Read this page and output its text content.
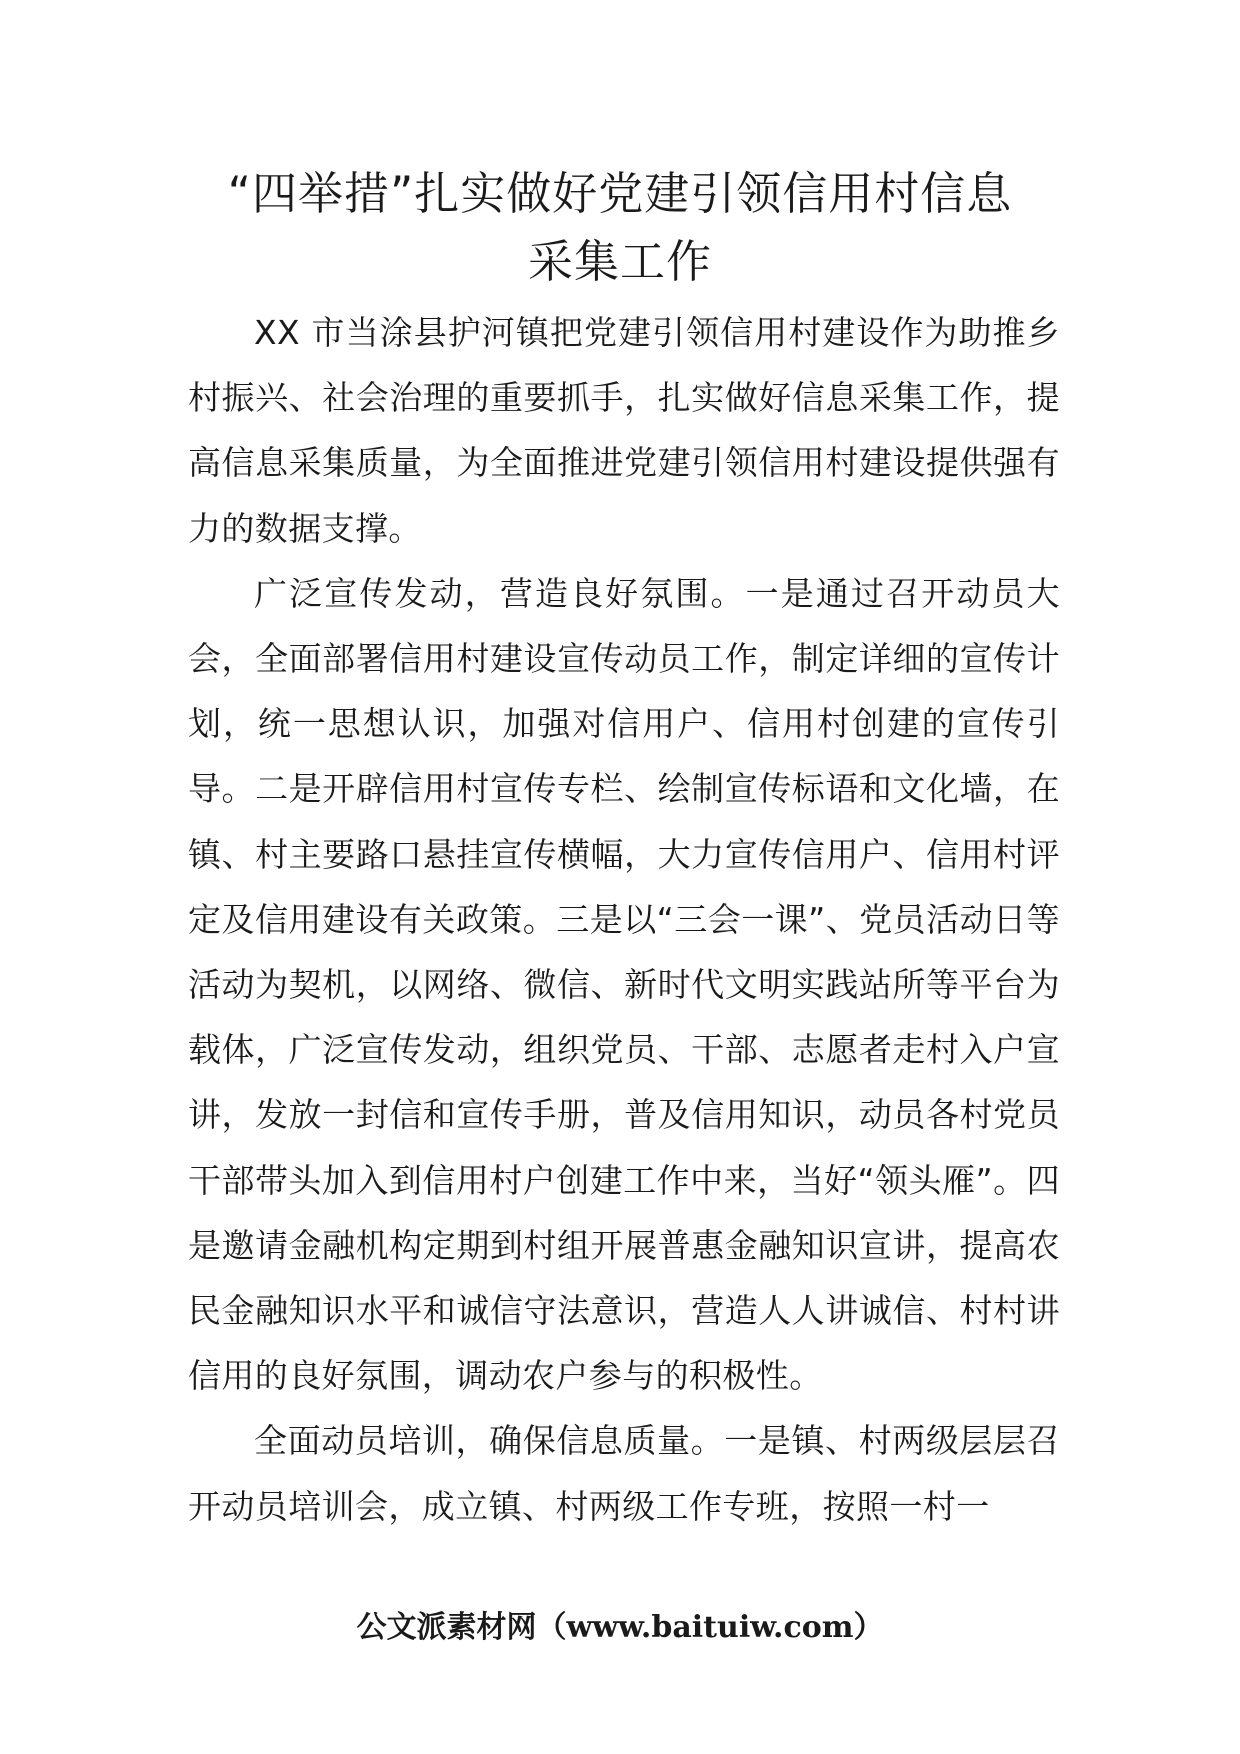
“四举措”扎实做好党建引领信用村信息
采集工作

XX 市当涂县护河镇把党建引领信用村建设作为助推乡村振兴、社会治理的重要抓手，扎实做好信息采集工作，提高信息采集质量，为全面推进党建引领信用村建设提供强有力的数据支撑。

广泛宣传发动，营造良好氛围。一是通过召开动员大会，全面部署信用村建设宣传动员工作，制定详细的宣传计划，统一思想认识，加强对信用户、信用村创建的宣传引导。二是开辟信用村宣传专栏、绘制宣传标语和文化墙，在镇、村主要路口悬挂宣传横幅，大力宣传信用户、信用村评定及信用建设有关政策。三是以“三会一课”、党员活动日等活动为契机，以网络、微信、新时代文明实践站所等平台为载体，广泛宣传发动，组织党员、干部、志愿者走村入户宣讲，发放一封信和宣传手册，普及信用知识，动员各村党员干部带头加入到信用村户创建工作中来，当好“领头雁”。四是邀请金融机构定期到村组开展普惠金融知识宣讲，提高农民金融知识水平和诚信守法意识，营造人人讲诚信、村村讲信用的良好氛围，调动农户参与的积极性。

全面动员培训，确保信息质量。一是镇、村两级层层召开动员培训会，成立镇、村两级工作专班，按照一村一

公文派素材网（www.baituiw.com）
